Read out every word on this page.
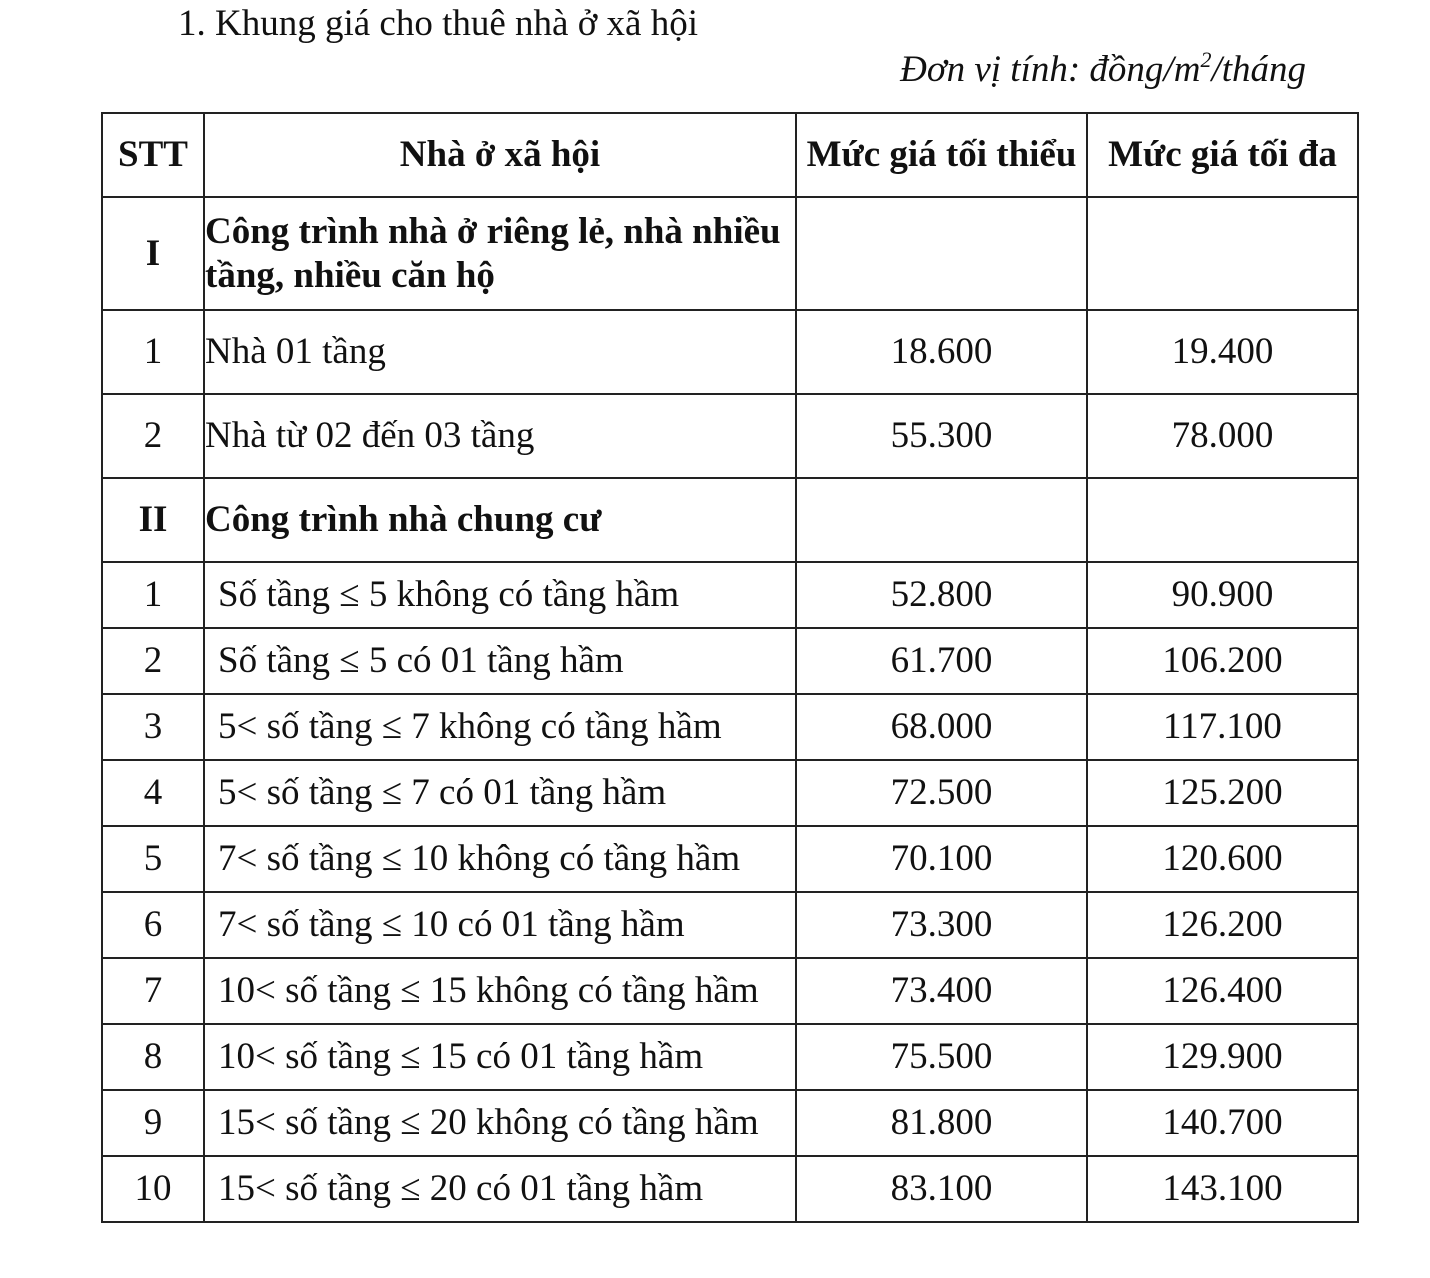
1. Khung giá cho thuê nhà ở xã hội
Đơn vị tính: đồng/$m^2$/tháng
STT	Nhà ở xã hội	Mức giá tối thiểu	Mức giá tối đa
I	Công trình nhà ở riêng lẻ, nhà nhiều tầng, nhiều căn hộ		

1	Nhà 01 tầng	18.600	19.400
2	Nhà từ 02 đến 03 tầng	55.300	78.000
II	Công trình nhà chung cư		
1	Số tầng ≤ 5 không có tầng hầm	52.800	90.900
2	Số tầng ≤ 5 có 01 tầng hầm	61.700	106.200
3	5< số tầng ≤ 7 không có tầng hầm	68.000	117.100
4	5< số tầng ≤ 7 có 01 tầng hầm	72.500	125.200
5	7< số tầng ≤ 10 không có tầng hầm	70.100	120.600
6	7< số tầng ≤ 10 có 01 tầng hầm	73.300	126.200
7	10< số tầng ≤ 15 không có tầng hầm	73.400	126.400
8	10< số tầng ≤ 15 có 01 tầng hầm	75.500	129.900
9	15< số tầng ≤ 20 không có tầng hầm	81.800	140.700
10	15< số tầng ≤ 20 có 01 tầng hầm	83.100	143.100
